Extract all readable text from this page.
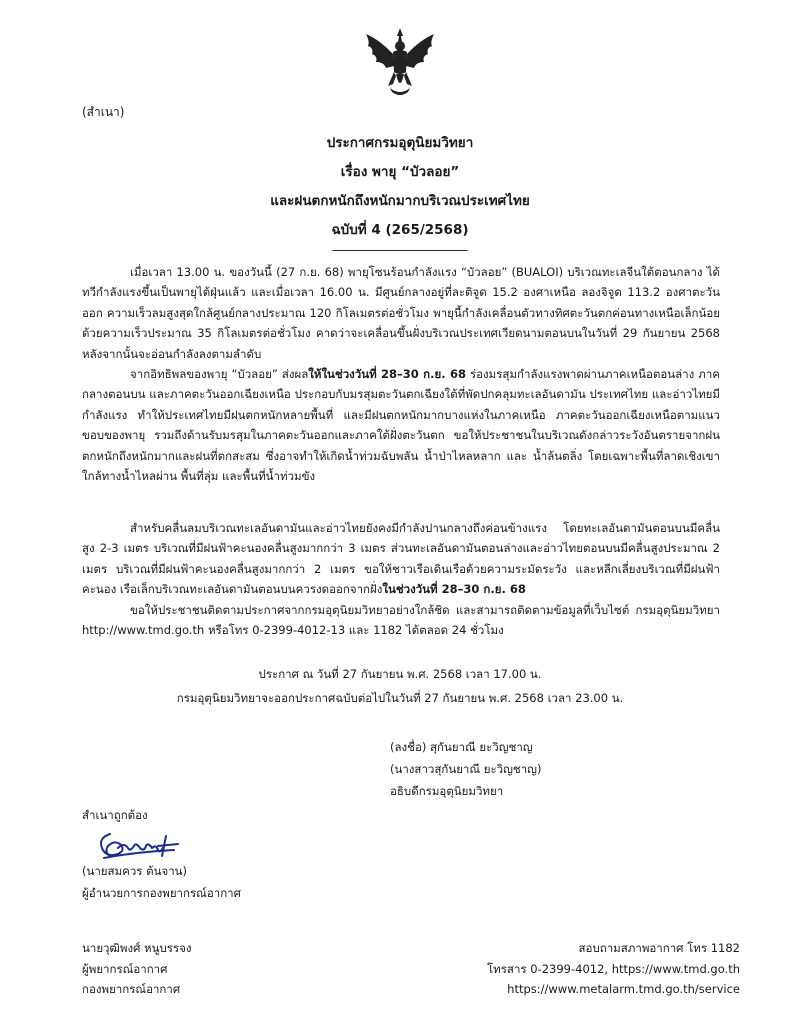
(สำเนา)
ประกาศกรมอุตุนิยมวิทยา
เรื่อง พายุ “บัวลอย”
และฝนตกหนักถึงหนักมากบริเวณประเทศไทย
ฉบับที่ 4 (265/2568)
____________________
เมื่อเวลา 13.00 น. ของวันนี้ (27 ก.ย. 68) พายุโซนร้อนกำลังแรง “บัวลอย” (BUALOI) บริเวณทะเลจีนใต้ตอนกลาง ได้ทวีกำลังแรงขึ้นเป็นพายุไต้ฝุ่นแล้ว และเมื่อเวลา 16.00 น. มีศูนย์กลางอยู่ที่ละติจูด 15.2 องศาเหนือ ลองจิจูด 113.2 องศาตะวันออก ความเร็วลมสูงสุดใกล้ศูนย์กลางประมาณ 120 กิโลเมตรต่อชั่วโมง พายุนี้กำลังเคลื่อนตัวทางทิศตะวันตกค่อนทางเหนือเล็กน้อย ด้วยความเร็วประมาณ 35 กิโลเมตรต่อชั่วโมง คาดว่าจะเคลื่อนขึ้นฝั่งบริเวณประเทศเวียดนามตอนบนในวันที่ 29 กันยายน 2568 หลังจากนั้นจะอ่อนกำลังลงตามลำดับ
จากอิทธิพลของพายุ “บัวลอย” ส่งผลให้ในช่วงวันที่ 28–30 ก.ย. 68 ร่องมรสุมกำลังแรงพาดผ่านภาคเหนือตอนล่าง ภาคกลางตอนบน และภาคตะวันออกเฉียงเหนือ ประกอบกับมรสุมตะวันตกเฉียงใต้ที่พัดปกคลุมทะเลอันดามัน ประเทศไทย และอ่าวไทยมีกำลังแรง ทำให้ประเทศไทยมีฝนตกหนักหลายพื้นที่ และมีฝนตกหนักมากบางแห่งในภาคเหนือ ภาคตะวันออกเฉียงเหนือตามแนวขอบของพายุ รวมถึงด้านรับมรสุมในภาคตะวันออกและภาคใต้ฝั่งตะวันตก ขอให้ประชาชนในบริเวณดังกล่าวระวังอันตรายจากฝนตกหนักถึงหนักมากและฝนที่ตกสะสม ซึ่งอาจทำให้เกิดน้ำท่วมฉับพลัน น้ำป่าไหลหลาก และ น้ำล้นตลิ่ง โดยเฉพาะพื้นที่ลาดเชิงเขาใกล้ทางน้ำไหลผ่าน พื้นที่ลุ่ม และพื้นที่น้ำท่วมขัง
สำหรับคลื่นลมบริเวณทะเลอันดามันและอ่าวไทยยังคงมีกำลังปานกลางถึงค่อนข้างแรง โดยทะเลอันดามันตอนบนมีคลื่นสูง 2-3 เมตร บริเวณที่มีฝนฟ้าคะนองคลื่นสูงมากกว่า 3 เมตร ส่วนทะเลอันดามันตอนล่างและอ่าวไทยตอนบนมีคลื่นสูงประมาณ 2 เมตร บริเวณที่มีฝนฟ้าคะนองคลื่นสูงมากกว่า 2 เมตร ขอให้ชาวเรือเดินเรือด้วยความระมัดระวัง และหลีกเลี่ยงบริเวณที่มีฝนฟ้าคะนอง เรือเล็กบริเวณทะเลอันดามันตอนบนควรงดออกจากฝั่งในช่วงวันที่ 28–30 ก.ย. 68
ขอให้ประชาชนติดตามประกาศจากกรมอุตุนิยมวิทยาอย่างใกล้ชิด และสามารถติดตามข้อมูลที่เว็บไซต์ กรมอุตุนิยมวิทยา http://www.tmd.go.th หรือโทร 0-2399-4012-13 และ 1182 ได้ตลอด 24 ชั่วโมง
ประกาศ ณ วันที่ 27 กันยายน พ.ศ. 2568 เวลา 17.00 น.
กรมอุตุนิยมวิทยาจะออกประกาศฉบับต่อไปในวันที่ 27 กันยายน พ.ศ. 2568 เวลา 23.00 น.
(ลงชื่อ) สุกันยาณี ยะวิญชาญ
(นางสาวสุกันยาณี ยะวิญชาญ)
อธิบดีกรมอุตุนิยมวิทยา
สำเนาถูกต้อง
(นายสมควร ต้นจาน)
ผู้อำนวยการกองพยากรณ์อากาศ
นายวุฒิพงศ์ หนูบรรจง
ผู้พยากรณ์อากาศ
กองพยากรณ์อากาศ
สอบถามสภาพอากาศ โทร 1182
โทรสาร 0-2399-4012, https://www.tmd.go.th
https://www.metalarm.tmd.go.th/service
